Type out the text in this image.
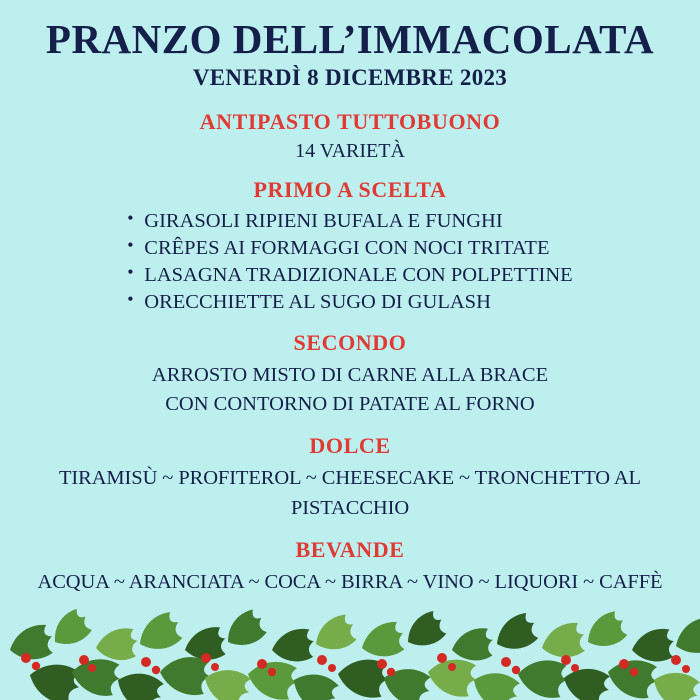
PRANZO DELL’IMMACOLATA
VENERDÌ 8 DICEMBRE 2023
ANTIPASTO TUTTOBUONO
14 VARIETÀ
PRIMO A SCELTA
• GIRASOLI RIPIENI BUFALA E FUNGHI
• CRÊPES AI FORMAGGI CON NOCI TRITATE
• LASAGNA TRADIZIONALE CON POLPETTINE
• ORECCHIETTE AL SUGO DI GULASH
SECONDO
ARROSTO MISTO DI CARNE ALLA BRACE
CON CONTORNO DI PATATE AL FORNO
DOLCE
TIRAMISÙ ~ PROFITEROL ~ CHEESECAKE ~ TRONCHETTO AL PISTACCHIO
BEVANDE
ACQUA ~ ARANCIATA ~ COCA ~ BIRRA ~ VINO ~ LIQUORI ~ CAFFÈ
